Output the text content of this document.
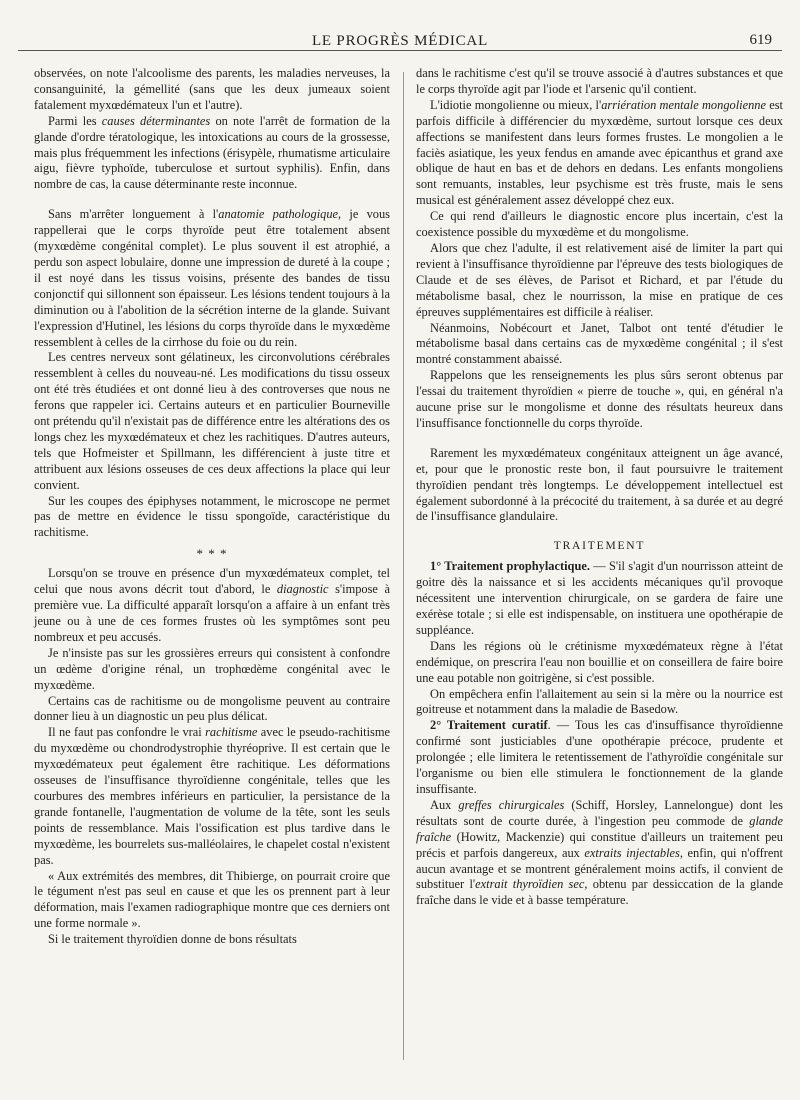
LE PROGRÈS MÉDICAL	619

observées, on note l'alcoolisme des parents, les maladies nerveuses, la consanguinité, la gémellité (sans que les deux jumeaux soient fatalement myxœdémateux l'un et l'autre).

Parmi les causes déterminantes on note l'arrêt de formation de la glande d'ordre tératologique, les intoxications au cours de la grossesse, mais plus fréquemment les infections (érisypèle, rhumatisme articulaire aigu, fièvre typhoïde, tuberculose et surtout syphilis). Enfin, dans nombre de cas, la cause déterminante reste inconnue.

Sans m'arrêter longuement à l'anatomie pathologique, je vous rappellerai que le corps thyroïde peut être totalement absent (myxœdème congénital complet). Le plus souvent il est atrophié, a perdu son aspect lobulaire, donne une impression de dureté à la coupe ; il est noyé dans les tissus voisins, présente des bandes de tissu conjonctif qui sillonnent son épaisseur. Les lésions tendent toujours à la diminution ou à l'abolition de la sécrétion interne de la glande. Suivant l'expression d'Hutinel, les lésions du corps thyroïde dans le myxœdème ressemblent à celles de la cirrhose du foie ou du rein.

Les centres nerveux sont gélatineux, les circonvolutions cérébrales ressemblent à celles du nouveau-né. Les modifications du tissu osseux ont été très étudiées et ont donné lieu à des controverses que nous ne ferons que rappeler ici. Certains auteurs et en particulier Bourneville ont prétendu qu'il n'existait pas de différence entre les altérations des os longs chez les myxœdémateux et chez les rachitiques. D'autres auteurs, tels que Hofmeister et Spillmann, les différencient à juste titre et attribuent aux lésions osseuses de ces deux affections la place qui leur convient.

Sur les coupes des épiphyses notamment, le microscope ne permet pas de mettre en évidence le tissu spongoïde, caractéristique du rachitisme.

* * *

Lorsqu'on se trouve en présence d'un myxœdémateux complet, tel celui que nous avons décrit tout d'abord, le diagnostic s'impose à première vue. La difficulté apparaît lorsqu'on a affaire à un enfant très jeune ou à une de ces formes frustes où les symptômes sont peu nombreux et peu accusés.

Je n'insiste pas sur les grossières erreurs qui consistent à confondre un œdème d'origine rénal, un trophœdème congénital avec le myxœdème.

Certains cas de rachitisme ou de mongolisme peuvent au contraire donner lieu à un diagnostic un peu plus délicat.

Il ne faut pas confondre le vrai rachitisme avec le pseudo-rachitisme du myxœdème ou chondrodystrophie thyréoprive. Il est certain que le myxœdémateux peut également être rachitique. Les déformations osseuses de l'insuffisance thyroïdienne congénitale, telles que les courbures des membres inférieurs en particulier, la persistance de la grande fontanelle, l'augmentation de volume de la tête, sont les seuls points de ressemblance. Mais l'ossification est plus tardive dans le myxœdème, les bourrelets sus-malléolaires, le chapelet costal n'existent pas.

« Aux extrémités des membres, dit Thibierge, on pourrait croire que le tégument n'est pas seul en cause et que les os prennent part à leur déformation, mais l'examen radiographique montre que ces derniers ont une forme normale ».

Si le traitement thyroïdien donne de bons résultats

dans le rachitisme c'est qu'il se trouve associé à d'autres substances et que le corps thyroïde agit par l'iode et l'arsenic qu'il contient.

L'idiotie mongolienne ou mieux, l'arriération mentale mongolienne est parfois difficile à différencier du myxœdème, surtout lorsque ces deux affections se manifestent dans leurs formes frustes. Le mongolien a le faciès asiatique, les yeux fendus en amande avec épicanthus et grand axe oblique de haut en bas et de dehors en dedans. Les enfants mongoliens sont remuants, instables, leur psychisme est très fruste, mais le sens musical est généralement assez développé chez eux.

Ce qui rend d'ailleurs le diagnostic encore plus incertain, c'est la coexistence possible du myxœdème et du mongolisme.

Alors que chez l'adulte, il est relativement aisé de limiter la part qui revient à l'insuffisance thyroïdienne par l'épreuve des tests biologiques de Claude et de ses élèves, de Parisot et Richard, et par l'étude du métabolisme basal, chez le nourrisson, la mise en pratique de ces épreuves supplémentaires est difficile à réaliser.

Néanmoins, Nobécourt et Janet, Talbot ont tenté d'étudier le métabolisme basal dans certains cas de myxœdème congénital ; il s'est montré constamment abaissé.

Rappelons que les renseignements les plus sûrs seront obtenus par l'essai du traitement thyroïdien « pierre de touche », qui, en général n'a aucune prise sur le mongolisme et donne des résultats heureux dans l'insuffisance fonctionnelle du corps thyroïde.

Rarement les myxœdémateux congénitaux atteignent un âge avancé, et, pour que le pronostic reste bon, il faut poursuivre le traitement thyroïdien pendant très longtemps. Le développement intellectuel est également subordonné à la précocité du traitement, à sa durée et au degré de l'insuffisance glandulaire.

TRAITEMENT

1° Traitement prophylactique. — S'il s'agit d'un nourrisson atteint de goitre dès la naissance et si les accidents mécaniques qu'il provoque nécessitent une intervention chirurgicale, on se gardera de faire une exérèse totale ; si elle est indispensable, on instituera une opothérapie de suppléance.

Dans les régions où le crétinisme myxœdémateux règne à l'état endémique, on prescrira l'eau non bouillie et on conseillera de faire boire une eau potable non goitrigène, si c'est possible.

On empêchera enfin l'allaitement au sein si la mère ou la nourrice est goitreuse et notamment dans la maladie de Basedow.

2° Traitement curatif. — Tous les cas d'insuffisance thyroïdienne confirmé sont justiciables d'une opothérapie précoce, prudente et prolongée ; elle limitera le retentissement de l'athyroïdie congénitale sur l'organisme ou bien elle stimulera le fonctionnement de la glande insuffisante.

Aux greffes chirurgicales (Schiff, Horsley, Lannelongue) dont les résultats sont de courte durée, à l'ingestion peu commode de glande fraîche (Howitz, Mackenzie) qui constitue d'ailleurs un traitement peu précis et parfois dangereux, aux extraits injectables, enfin, qui n'offrent aucun avantage et se montrent généralement moins actifs, il convient de substituer l'extrait thyroïdien sec, obtenu par dessiccation de la glande fraîche dans le vide et à basse température.
